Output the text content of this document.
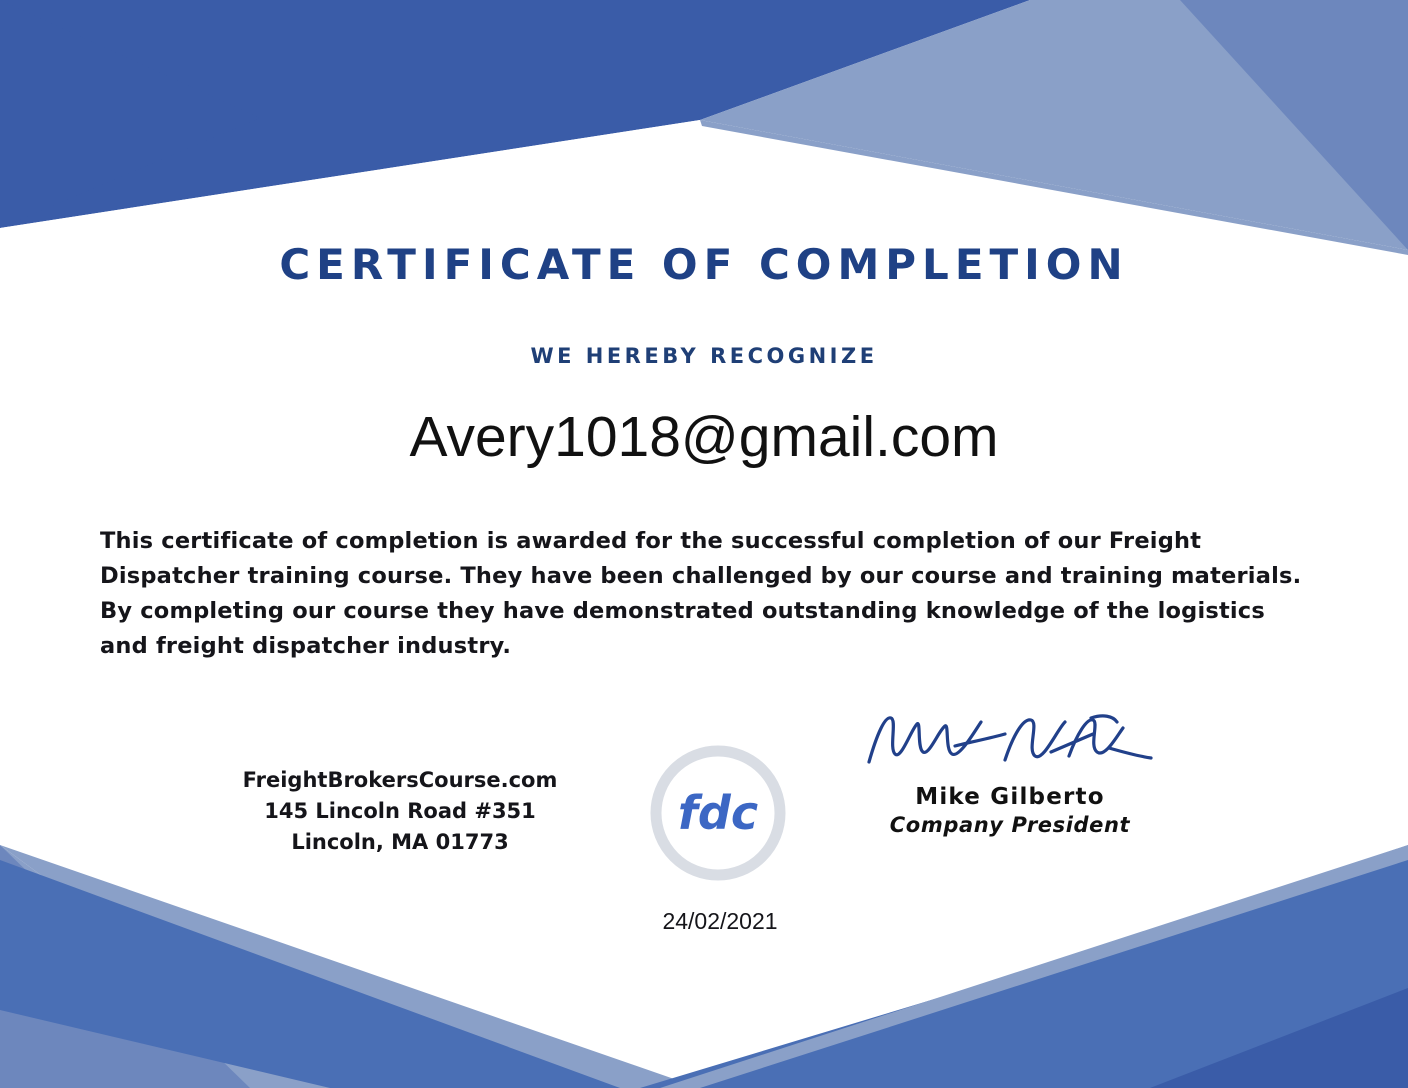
CERTIFICATE OF COMPLETION
WE HEREBY RECOGNIZE
Avery1018@gmail.com
This certificate of completion is awarded for the successful completion of our Freight Dispatcher training course. They have been challenged by our course and training materials. By completing our course they have demonstrated outstanding knowledge of the logistics and freight dispatcher industry.
FreightBrokersCourse.com
145 Lincoln Road #351
Lincoln, MA 01773
fdc	Mike Gilberto
Company President
24/02/2021
